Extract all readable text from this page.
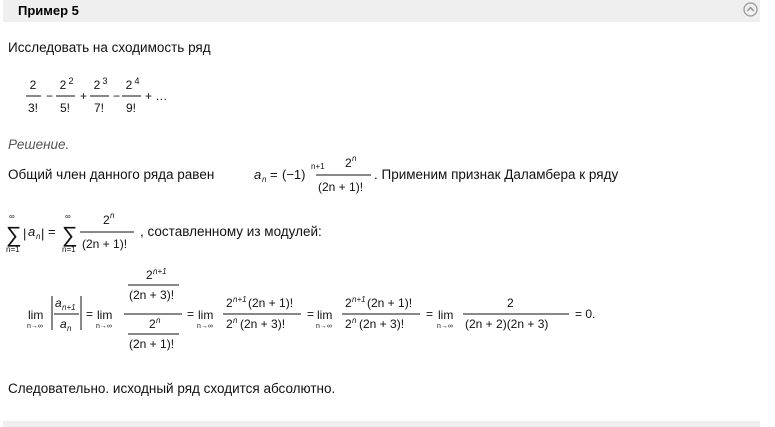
Пример 5
Исследовать на сходимость ряд
2
3!
−
2 2
5!
+
2 3
7!
−
2 4
9!
+ …
Решение.
Общий член данного ряда равен	a n = (−1)
n+1 2 n
(2n + 1)!
. Применим признак Даламбера к ряду
∞
∑
n=1
| a n | =
∞
∑
n=1
2 n
(2n + 1)!
, составленному из модулей:
lim
n→∞
a n+1
a n
= lim
n→∞
2 n+1
(2n + 3)!
2 n
(2n + 1)!
= lim
n→∞
2 n+1 (2n + 1)!
2 n (2n + 3)!
= lim
n→∞
2 n+1 (2n + 1)!
2 n (2n + 3)!
= lim
n→∞
2
(2n + 2)(2n + 3)
= 0.
Следовательно. исходный ряд сходится абсолютно.
